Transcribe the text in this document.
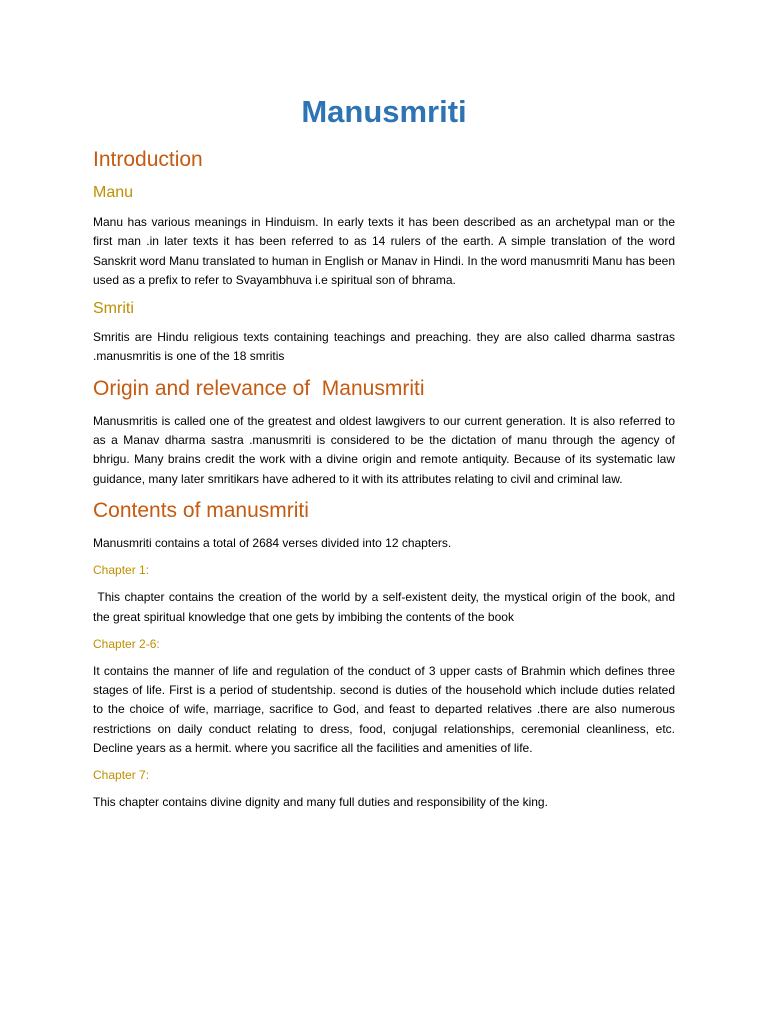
Manusmriti
Introduction
Manu

Manu has various meanings in Hinduism. In early texts it has been described as an archetypal man or the first man .in later texts it has been referred to as 14 rulers of the earth. A simple translation of the word Sanskrit word Manu translated to human in English or Manav in Hindi. In the word manusmriti Manu has been used as a prefix to refer to Svayambhuva i.e spiritual son of bhrama.

Smriti

Smritis are Hindu religious texts containing teachings and preaching. they are also called dharma sastras .manusmritis is one of the 18 smritis

Origin and relevance of  Manusmriti

Manusmritis is called one of the greatest and oldest lawgivers to our current generation. It is also referred to as a Manav dharma sastra .manusmriti is considered to be the dictation of manu through the agency of bhrigu. Many brains credit the work with a divine origin and remote antiquity. Because of its systematic law guidance, many later smritikars have adhered to it with its attributes relating to civil and criminal law.

Contents of manusmriti

Manusmriti contains a total of 2684 verses divided into 12 chapters.

Chapter 1:

This chapter contains the creation of the world by a self-existent deity, the mystical origin of the book, and the great spiritual knowledge that one gets by imbibing the contents of the book

Chapter 2-6:

It contains the manner of life and regulation of the conduct of 3 upper casts of Brahmin which defines three stages of life. First is a period of studentship. second is duties of the household which include duties related to the choice of wife, marriage, sacrifice to God, and feast to departed relatives .there are also numerous restrictions on daily conduct relating to dress, food, conjugal relationships, ceremonial cleanliness, etc. Decline years as a hermit. where you sacrifice all the facilities and amenities of life.

Chapter 7:

This chapter contains divine dignity and many full duties and responsibility of the king.
